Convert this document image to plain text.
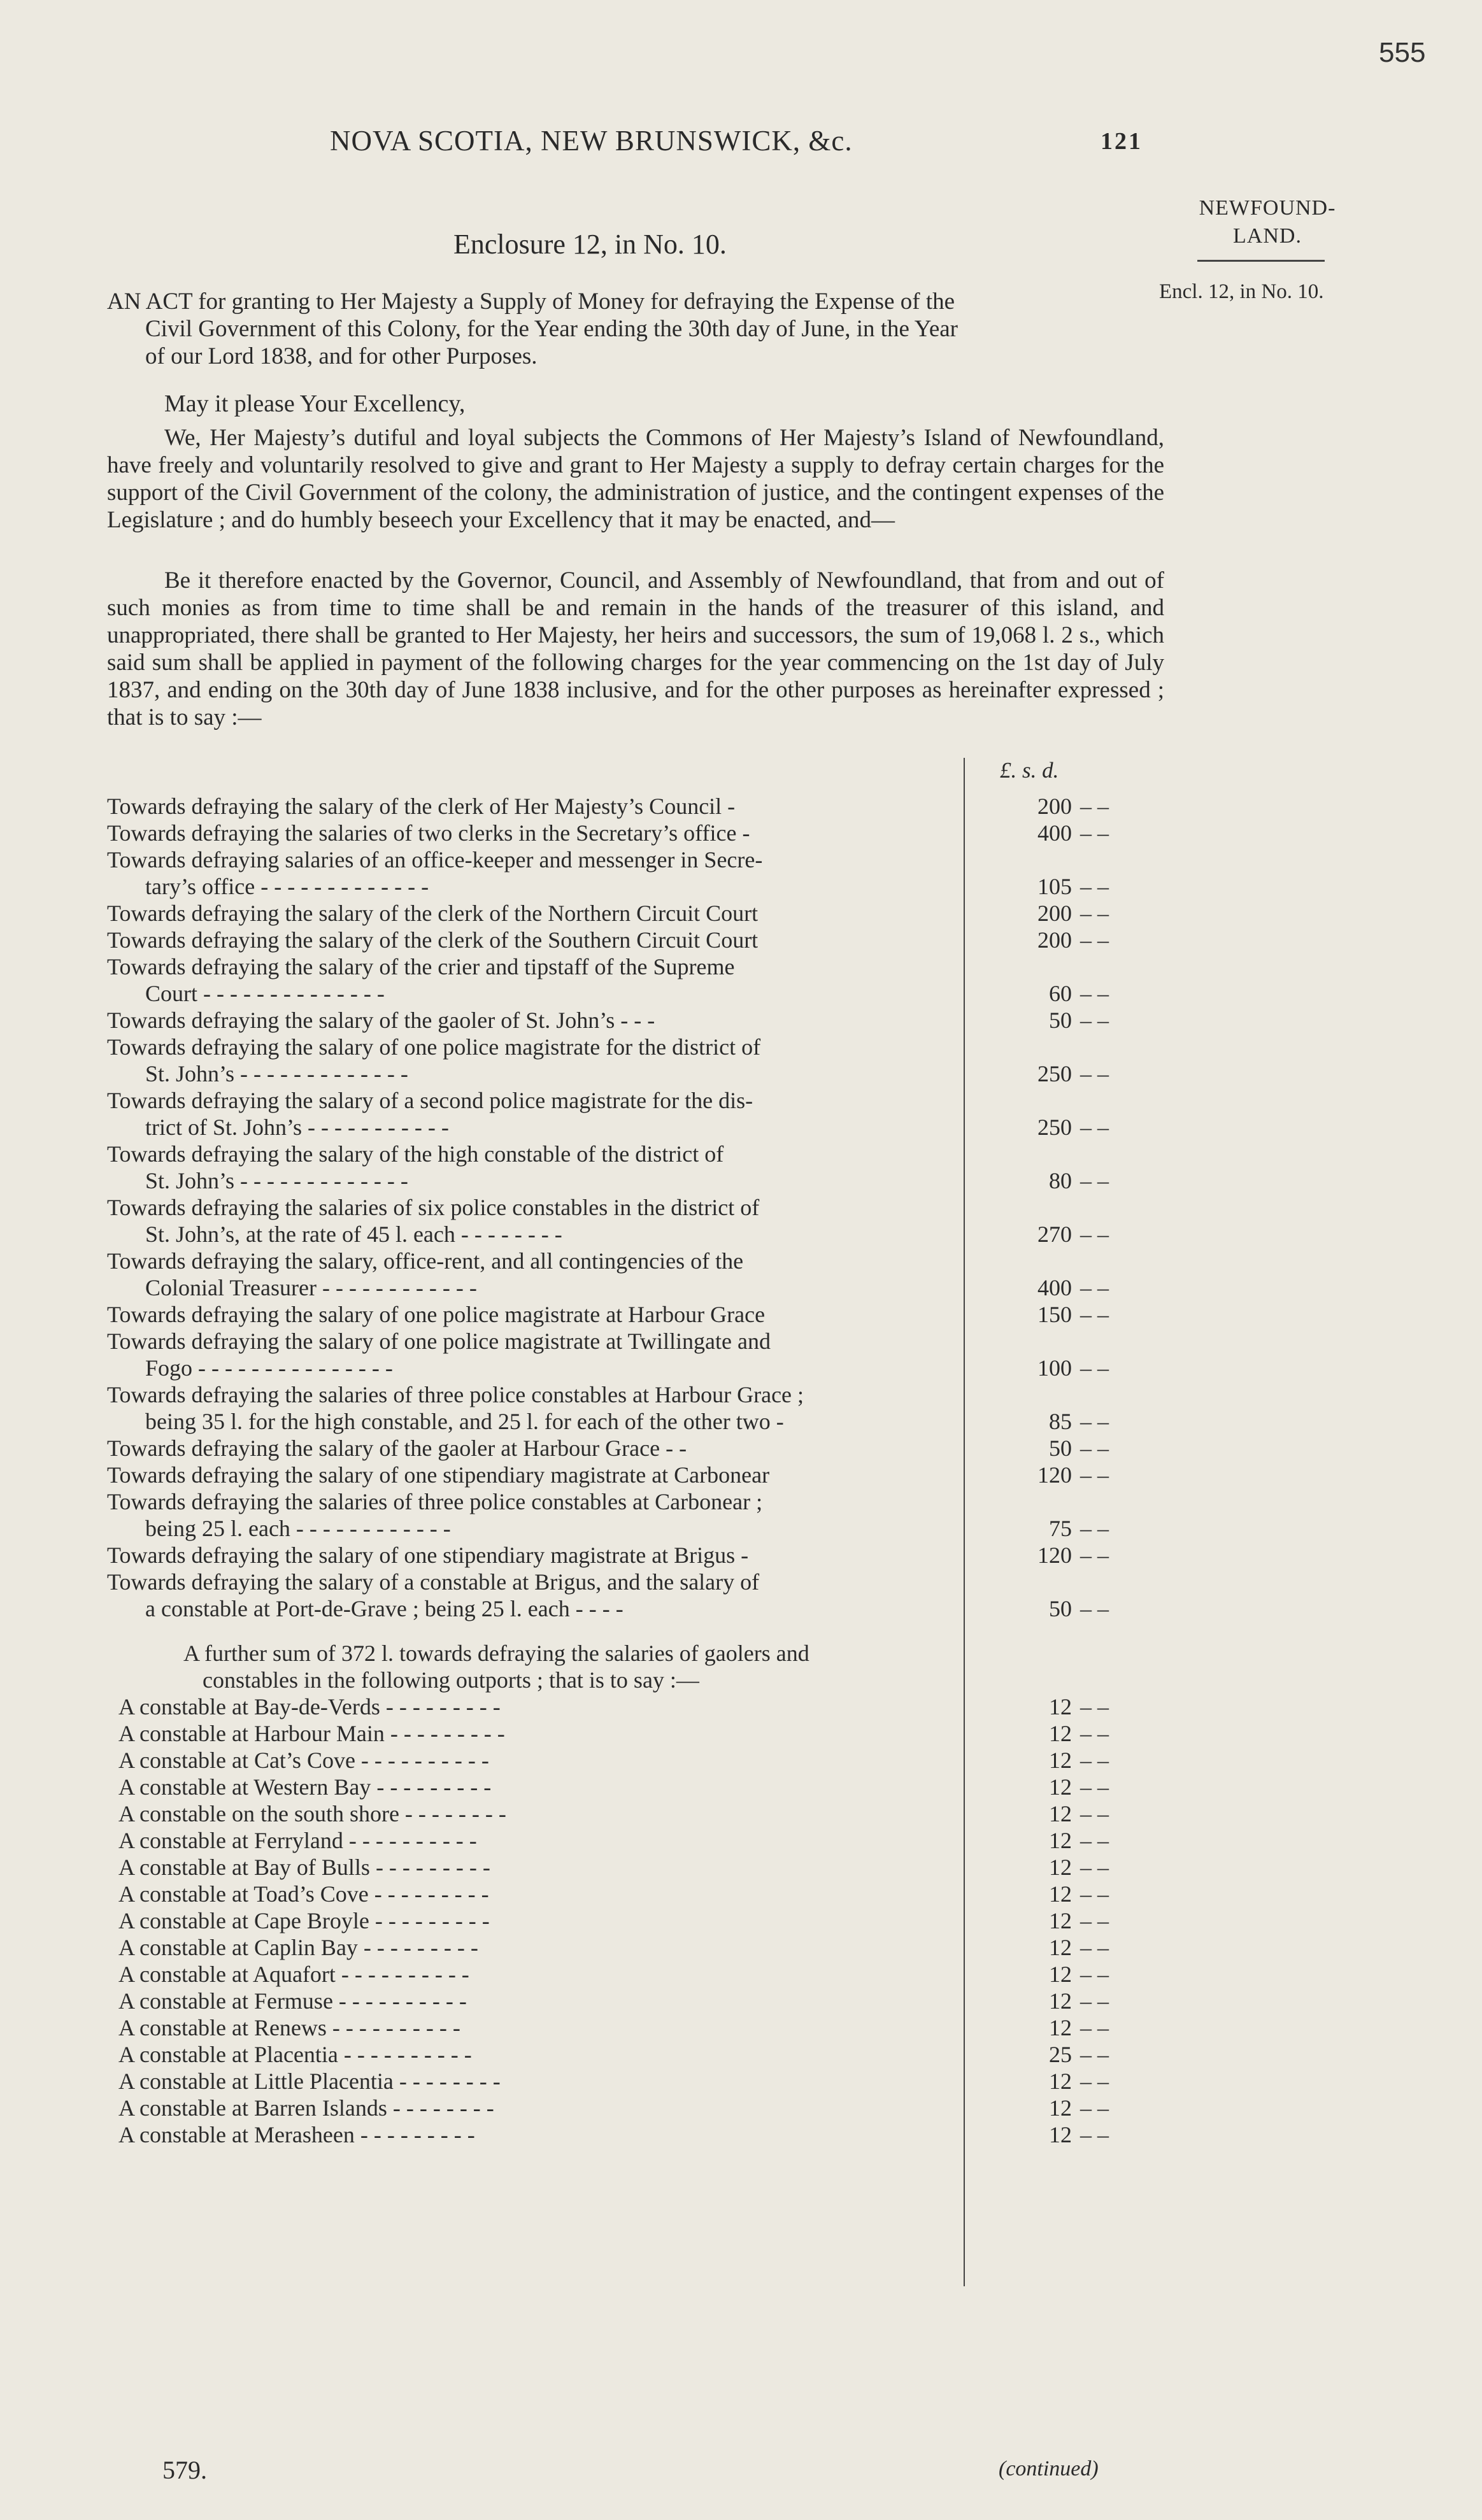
555
NOVA SCOTIA, NEW BRUNSWICK, &c.	121
NEWFOUND-
LAND.
Encl. 12, in No. 10.
Enclosure 12, in No. 10.
AN ACT for granting to Her Majesty a Supply of Money for defraying the Expense of the
Civil Government of this Colony, for the Year ending the 30th day of June, in the Year
of our Lord 1838, and for other Purposes.
May it please Your Excellency,

We, Her Majesty’s dutiful and loyal subjects the Commons of Her Majesty’s Island of Newfoundland, have freely and voluntarily resolved to give and grant to Her Majesty a supply to defray certain charges for the support of the Civil Government of the colony, the administration of justice, and the contingent expenses of the Legislature ; and do humbly beseech your Excellency that it may be enacted, and—

Be it therefore enacted by the Governor, Council, and Assembly of Newfoundland, that from and out of such monies as from time to time shall be and remain in the hands of the treasurer of this island, and unappropriated, there shall be granted to Her Majesty, her heirs and successors, the sum of 19,068 l. 2 s., which said sum shall be applied in payment of the following charges for the year commencing on the 1st day of July 1837, and ending on the 30th day of June 1838 inclusive, and for the other purposes as hereinafter expressed ; that is to say :—

£. s. d.
Towards defraying the salary of the clerk of Her Majesty’s Council -	200 – –
Towards defraying the salaries of two clerks in the Secretary’s office -	400 – –
Towards defraying salaries of an office-keeper and messenger in Secre-
tary’s office - - - - - - - - - - - - -	105 – –
Towards defraying the salary of the clerk of the Northern Circuit Court	200 – –
Towards defraying the salary of the clerk of the Southern Circuit Court	200 – –
Towards defraying the salary of the crier and tipstaff of the Supreme
Court - - - - - - - - - - - - - -	60 – –
Towards defraying the salary of the gaoler of St. John’s - - -	50 – –
Towards defraying the salary of one police magistrate for the district of
St. John’s - - - - - - - - - - - - -	250 – –
Towards defraying the salary of a second police magistrate for the dis-
trict of St. John’s - - - - - - - - - - -	250 – –
Towards defraying the salary of the high constable of the district of
St. John’s - - - - - - - - - - - - -	80 – –
Towards defraying the salaries of six police constables in the district of
St. John’s, at the rate of 45 l. each - - - - - - - -	270 – –
Towards defraying the salary, office-rent, and all contingencies of the
Colonial Treasurer - - - - - - - - - - - -	400 – –
Towards defraying the salary of one police magistrate at Harbour Grace	150 – –
Towards defraying the salary of one police magistrate at Twillingate and
Fogo - - - - - - - - - - - - - - -	100 – –
Towards defraying the salaries of three police constables at Harbour Grace ;
being 35 l. for the high constable, and 25 l. for each of the other two -	85 – –
Towards defraying the salary of the gaoler at Harbour Grace - -	50 – –
Towards defraying the salary of one stipendiary magistrate at Carbonear	120 – –
Towards defraying the salaries of three police constables at Carbonear ;
being 25 l. each - - - - - - - - - - - -	75 – –
Towards defraying the salary of one stipendiary magistrate at Brigus -	120 – –
Towards defraying the salary of a constable at Brigus, and the salary of
a constable at Port-de-Grave ; being 25 l. each - - - -	50 – –
A further sum of 372 l. towards defraying the salaries of gaolers and
constables in the following outports ; that is to say :—
A constable at Bay-de-Verds - - - - - - - - -	12 – –
A constable at Harbour Main - - - - - - - - -	12 – –
A constable at Cat’s Cove - - - - - - - - - -	12 – –
A constable at Western Bay - - - - - - - - -	12 – –
A constable on the south shore - - - - - - - -	12 – –
A constable at Ferryland - - - - - - - - - -	12 – –
A constable at Bay of Bulls - - - - - - - - -	12 – –
A constable at Toad’s Cove - - - - - - - - -	12 – –
A constable at Cape Broyle - - - - - - - - -	12 – –
A constable at Caplin Bay - - - - - - - - -	12 – –
A constable at Aquafort - - - - - - - - - -	12 – –
A constable at Fermuse - - - - - - - - - -	12 – –
A constable at Renews - - - - - - - - - -	12 – –
A constable at Placentia - - - - - - - - - -	25 – –
A constable at Little Placentia - - - - - - - -	12 – –
A constable at Barren Islands - - - - - - - -	12 – –
A constable at Merasheen - - - - - - - - -	12 – –
579.	(continued)
